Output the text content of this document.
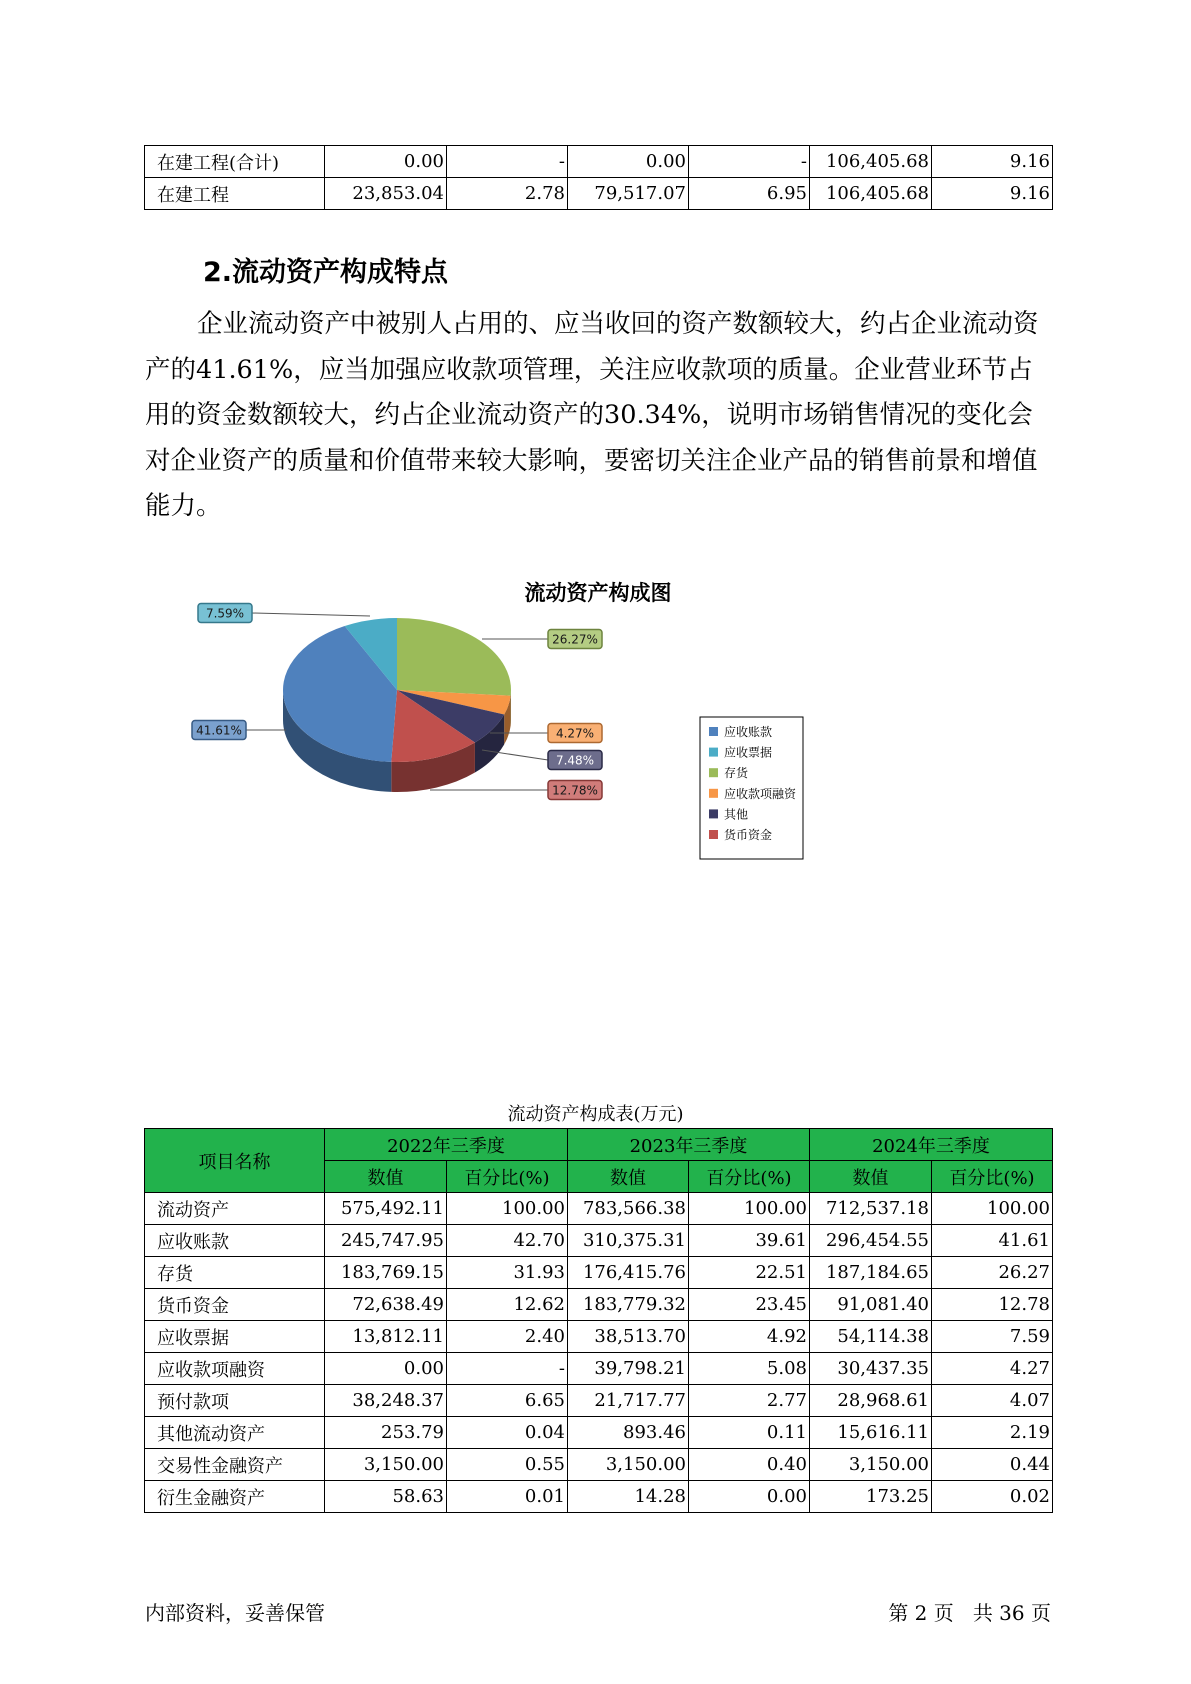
在建工程(合计)	0.00	-	0.00	-	106,405.68	9.16
在建工程	23,853.04	2.78	79,517.07	6.95	106,405.68	9.16
2.流动资产构成特点
企业流动资产中被别人占用的、应当收回的资产数额较大，约占企业流动资产的41.61%，应当加强应收款项管理，关注应收款项的质量。企业营业环节占用的资金数额较大，约占企业流动资产的30.34%，说明市场销售情况的变化会对企业资产的质量和价值带来较大影响，要密切关注企业产品的销售前景和增值能力。
流动资产构成图
26.27%
4.27%
7.48%
12.78%
41.61%
7.59%
应收账款
应收票据
存货
应收款项融资
其他
货币资金
流动资产构成表(万元)
项目名称	2022年三季度		2023年三季度		2024年三季度	
	数值	百分比(%)	数值	百分比(%)	数值	百分比(%)
流动资产	575,492.11	100.00	783,566.38	100.00	712,537.18	100.00
应收账款	245,747.95	42.70	310,375.31	39.61	296,454.55	41.61
存货	183,769.15	31.93	176,415.76	22.51	187,184.65	26.27
货币资金	72,638.49	12.62	183,779.32	23.45	91,081.40	12.78
应收票据	13,812.11	2.40	38,513.70	4.92	54,114.38	7.59
应收款项融资	0.00	-	39,798.21	5.08	30,437.35	4.27
预付款项	38,248.37	6.65	21,717.77	2.77	28,968.61	4.07
其他流动资产	253.79	0.04	893.46	0.11	15,616.11	2.19
交易性金融资产	3,150.00	0.55	3,150.00	0.40	3,150.00	0.44
衍生金融资产	58.63	0.01	14.28	0.00	173.25	0.02
内部资料，妥善保管	第 2 页   共 36 页
